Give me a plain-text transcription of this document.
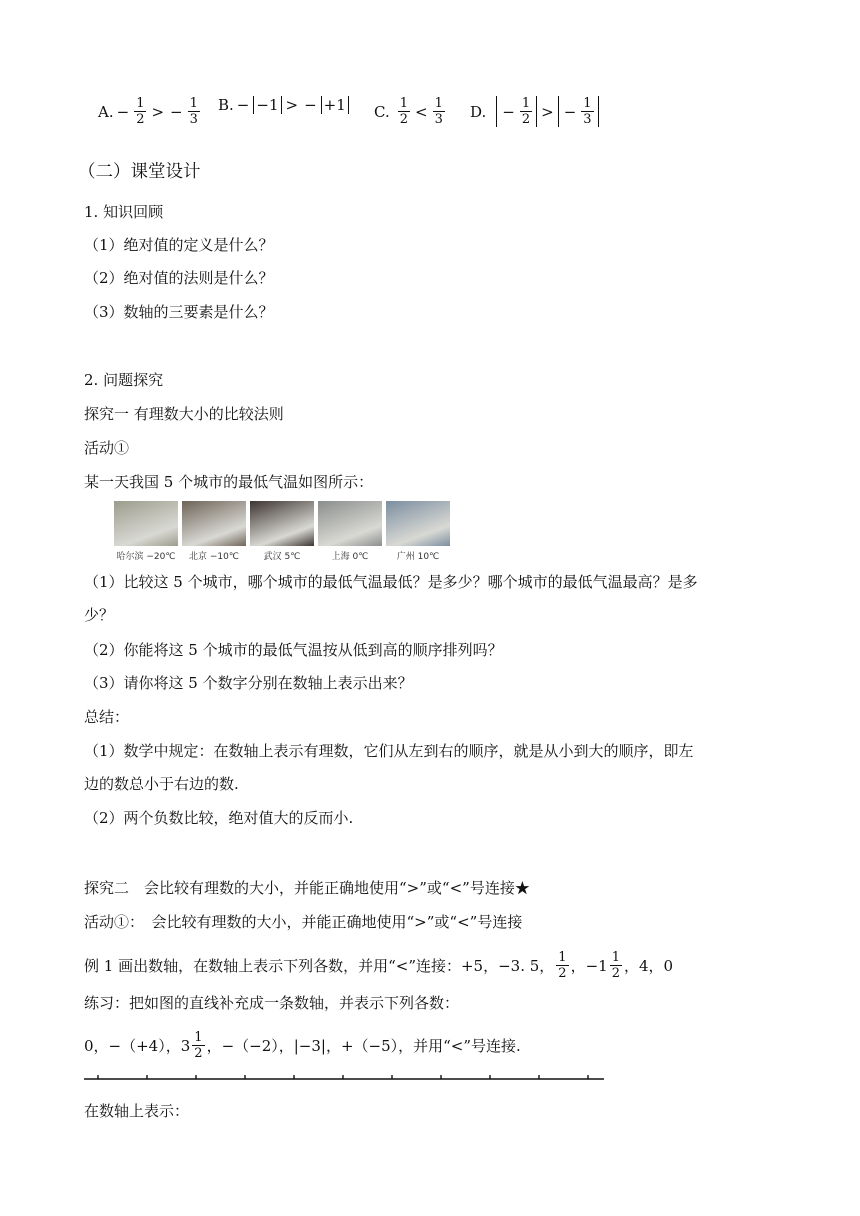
A. − $\frac{1}{2}$ > − $\frac{1}{3} B$. − −1 > − +1 C. $\frac{1}{2} < \frac{1}{3} D$. − $\frac{1}{2}$ > − $\frac{1}{3}$
（二）课堂设计
1. 知识回顾
（1）绝对值的定义是什么？
（2）绝对值的法则是什么？
（3）数轴的三要素是什么？
2. 问题探究
探究一 有理数大小的比较法则
活动①
某一天我国 5 个城市的最低气温如图所示：
哈尔滨 −20℃	北京 −10℃	武汉 5℃	上海 0℃	广州 10℃
（1）比较这 5 个城市，哪个城市的最低气温最低？是多少？哪个城市的最低气温最高？是多
少？
（2）你能将这 5 个城市的最低气温按从低到高的顺序排列吗？
（3）请你将这 5 个数字分别在数轴上表示出来？
总结：
（1）数学中规定：在数轴上表示有理数，它们从左到右的顺序，就是从小到大的顺序，即左
边的数总小于右边的数.
（2）两个负数比较，绝对值大的反而小.
探究二　会比较有理数的大小，并能正确地使用“>”或“<”号连接★
活动①：　会比较有理数的大小，并能正确地使用“>”或“<”号连接
例 1 画出数轴，在数轴上表示下列各数，并用“<”连接：+5，−3. 5， $\frac{1}{2}$ ，$-1 \frac{1}{2}$ ，4，0
练习：把如图的直线补充成一条数轴，并表示下列各数：
0，−（+4），$3 \frac{1}{2}$ ，−（−2），|−3|，+（−5），并用“<”号连接.
在数轴上表示：
